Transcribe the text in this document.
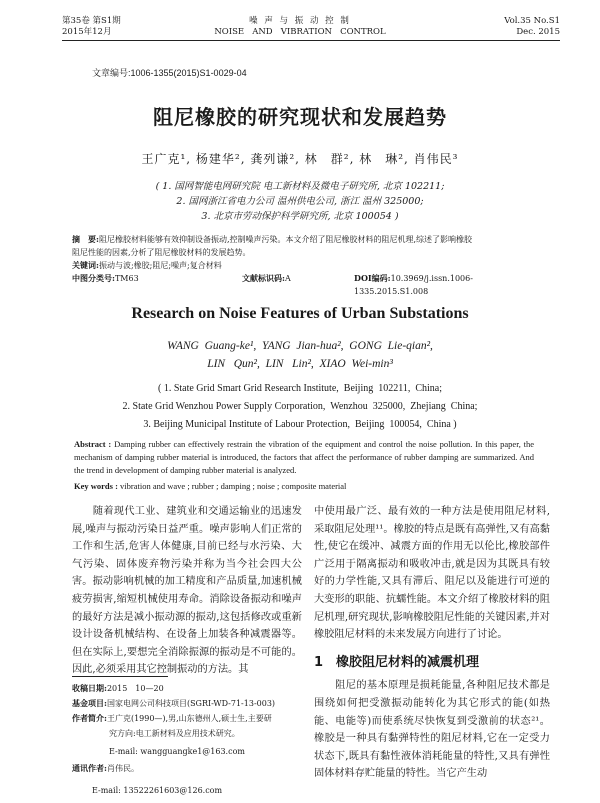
第35卷 第S1期
2015年12月
噪 声 与 振 动 控 制
NOISE   AND   VIBRATION   CONTROL
Vol.35 No.S1
Dec. 2015
文章编号:1006-1355(2015)S1-0029-04
阻尼橡胶的研究现状和发展趋势
王广克¹, 杨建华², 龚列谦², 林　群², 林　琳², 肖伟民³
( 1. 国网智能电网研究院 电工新材料及微电子研究所, 北京 102211;
2. 国网浙江省电力公司 温州供电公司, 浙江 温州 325000;
3. 北京市劳动保护科学研究所, 北京 100054 )
摘　要:阻尼橡胶材料能够有效抑制设备振动,控制噪声污染。本文介绍了阻尼橡胶材料的阻尼机理,综述了影响橡胶
阻尼性能的因素,分析了阻尼橡胶材料的发展趋势。
关键词:振动与波;橡胶;阻尼;噪声;复合材料
中图分类号:TM63	文献标识码:A	DOI编码:10.3969/j.issn.1006-1335.2015.S1.008
Research on Noise Features of Urban Substations
WANG  Guang-ke¹,  YANG  Jian-hua²,  GONG  Lie-qian²,
LIN   Qun²,  LIN   Lin²,  XIAO  Wei-min³
( 1. State Grid Smart Grid Research Institute,  Beijing  102211,  China;
2. State Grid Wenzhou Power Supply Corporation,  Wenzhou  325000,  Zhejiang  China;
3. Beijing Municipal Institute of Labour Protection,  Beijing  100054,  China )
Abstract : Damping rubber can effectively restrain the vibration of the equipment and control the noise pollution. In this paper, the mechanism of damping rubber material is introduced, the factors that affect the performance of rubber damping are summarized. And the trend in development of damping rubber material is analyzed.
Key words : vibration and wave ; rubber ; damping ; noise ; composite material
　　随着现代工业、建筑业和交通运输业的迅速发展,噪声与振动污染日益严重。噪声影响人们正常的工作和生活,危害人体健康,目前已经与水污染、大气污染、固体废弃物污染并称为当今社会四大公害。振动影响机械的加工精度和产品质量,加速机械疲劳损害,缩短机械使用寿命。消除设备振动和噪声的最好方法是减小振动源的振动,这包括修改或重新设计设备机械结构、在设备上加装各种减震器等。但在实际上,要想完全消除振源的振动是不可能的。因此,必须采用其它控制振动的方法。其
收稿日期:2015　10—20
基金项目:国家电网公司科技项目(SGRI-WD-71-13-003)
作者简介:王广克(1990—),男,山东德州人,硕士生,主要研
究方向:电工新材料及应用技术研究。
E-mail: wangguangke1@163.com
通讯作者:肖伟民。
E-mail: 13522261603@126.com
中使用最广泛、最有效的一种方法是使用阻尼材料,采取阻尼处理¹¹。橡胶的特点是既有高弹性,又有高黏性,使它在缓冲、减震方面的作用无以伦比,橡胶部件广泛用于隔离振动和吸收冲击,就是因为其既具有较好的力学性能,又具有滞后、阻尼以及能进行可逆的大变形的职能、抗蠕性能。本文介绍了橡胶材料的阻尼机理,研究现状,影响橡胶阻尼性能的关键因素,并对橡胶阻尼材料的未来发展方向进行了讨论。
1 橡胶阻尼材料的减震机理
　　阻尼的基本原理是损耗能量,各种阻尼技术都是围绕如何把受激振动能转化为其它形式的能(如热能、电能等)而使系统尽快恢复到受激前的状态²¹。橡胶是一种具有黏弹特性的阻尼材料,它在一定受力状态下,既具有黏性液体消耗能量的特性,又具有弹性固体材料存贮能量的特性。当它产生动
